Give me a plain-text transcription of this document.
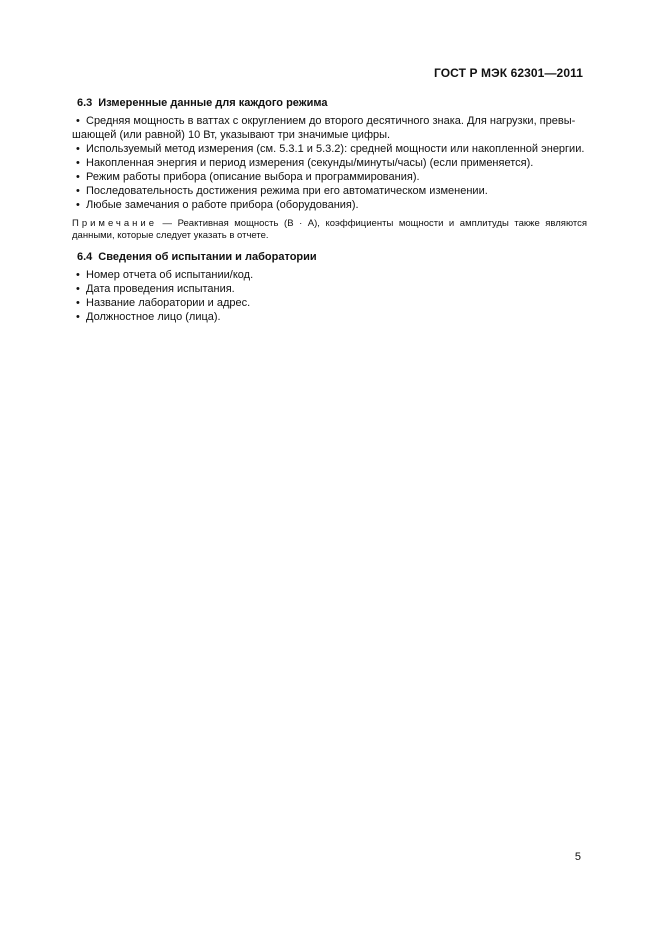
ГОСТ Р МЭК 62301—2011
6.3 Измеренные данные для каждого режима

• Средняя мощность в ваттах с округлением до второго десятичного знака. Для нагрузки, превы-

шающей (или равной) 10 Вт, указывают три значимые цифры.

• Используемый метод измерения (см. 5.3.1 и 5.3.2): средней мощности или накопленной энергии.

• Накопленная энергия и период измерения (секунды/минуты/часы) (если применяется).

• Режим работы прибора (описание выбора и программирования).

• Последовательность достижения режима при его автоматическом изменении.

• Любые замечания о работе прибора (оборудования).

Примечание — Реактивная мощность (В · А), коэффициенты мощности и амплитуды также являются данными, которые следует указать в отчете.

6.4 Сведения об испытании и лаборатории

• Номер отчета об испытании/код.

• Дата проведения испытания.

• Название лаборатории и адрес.

• Должностное лицо (лица).

5
